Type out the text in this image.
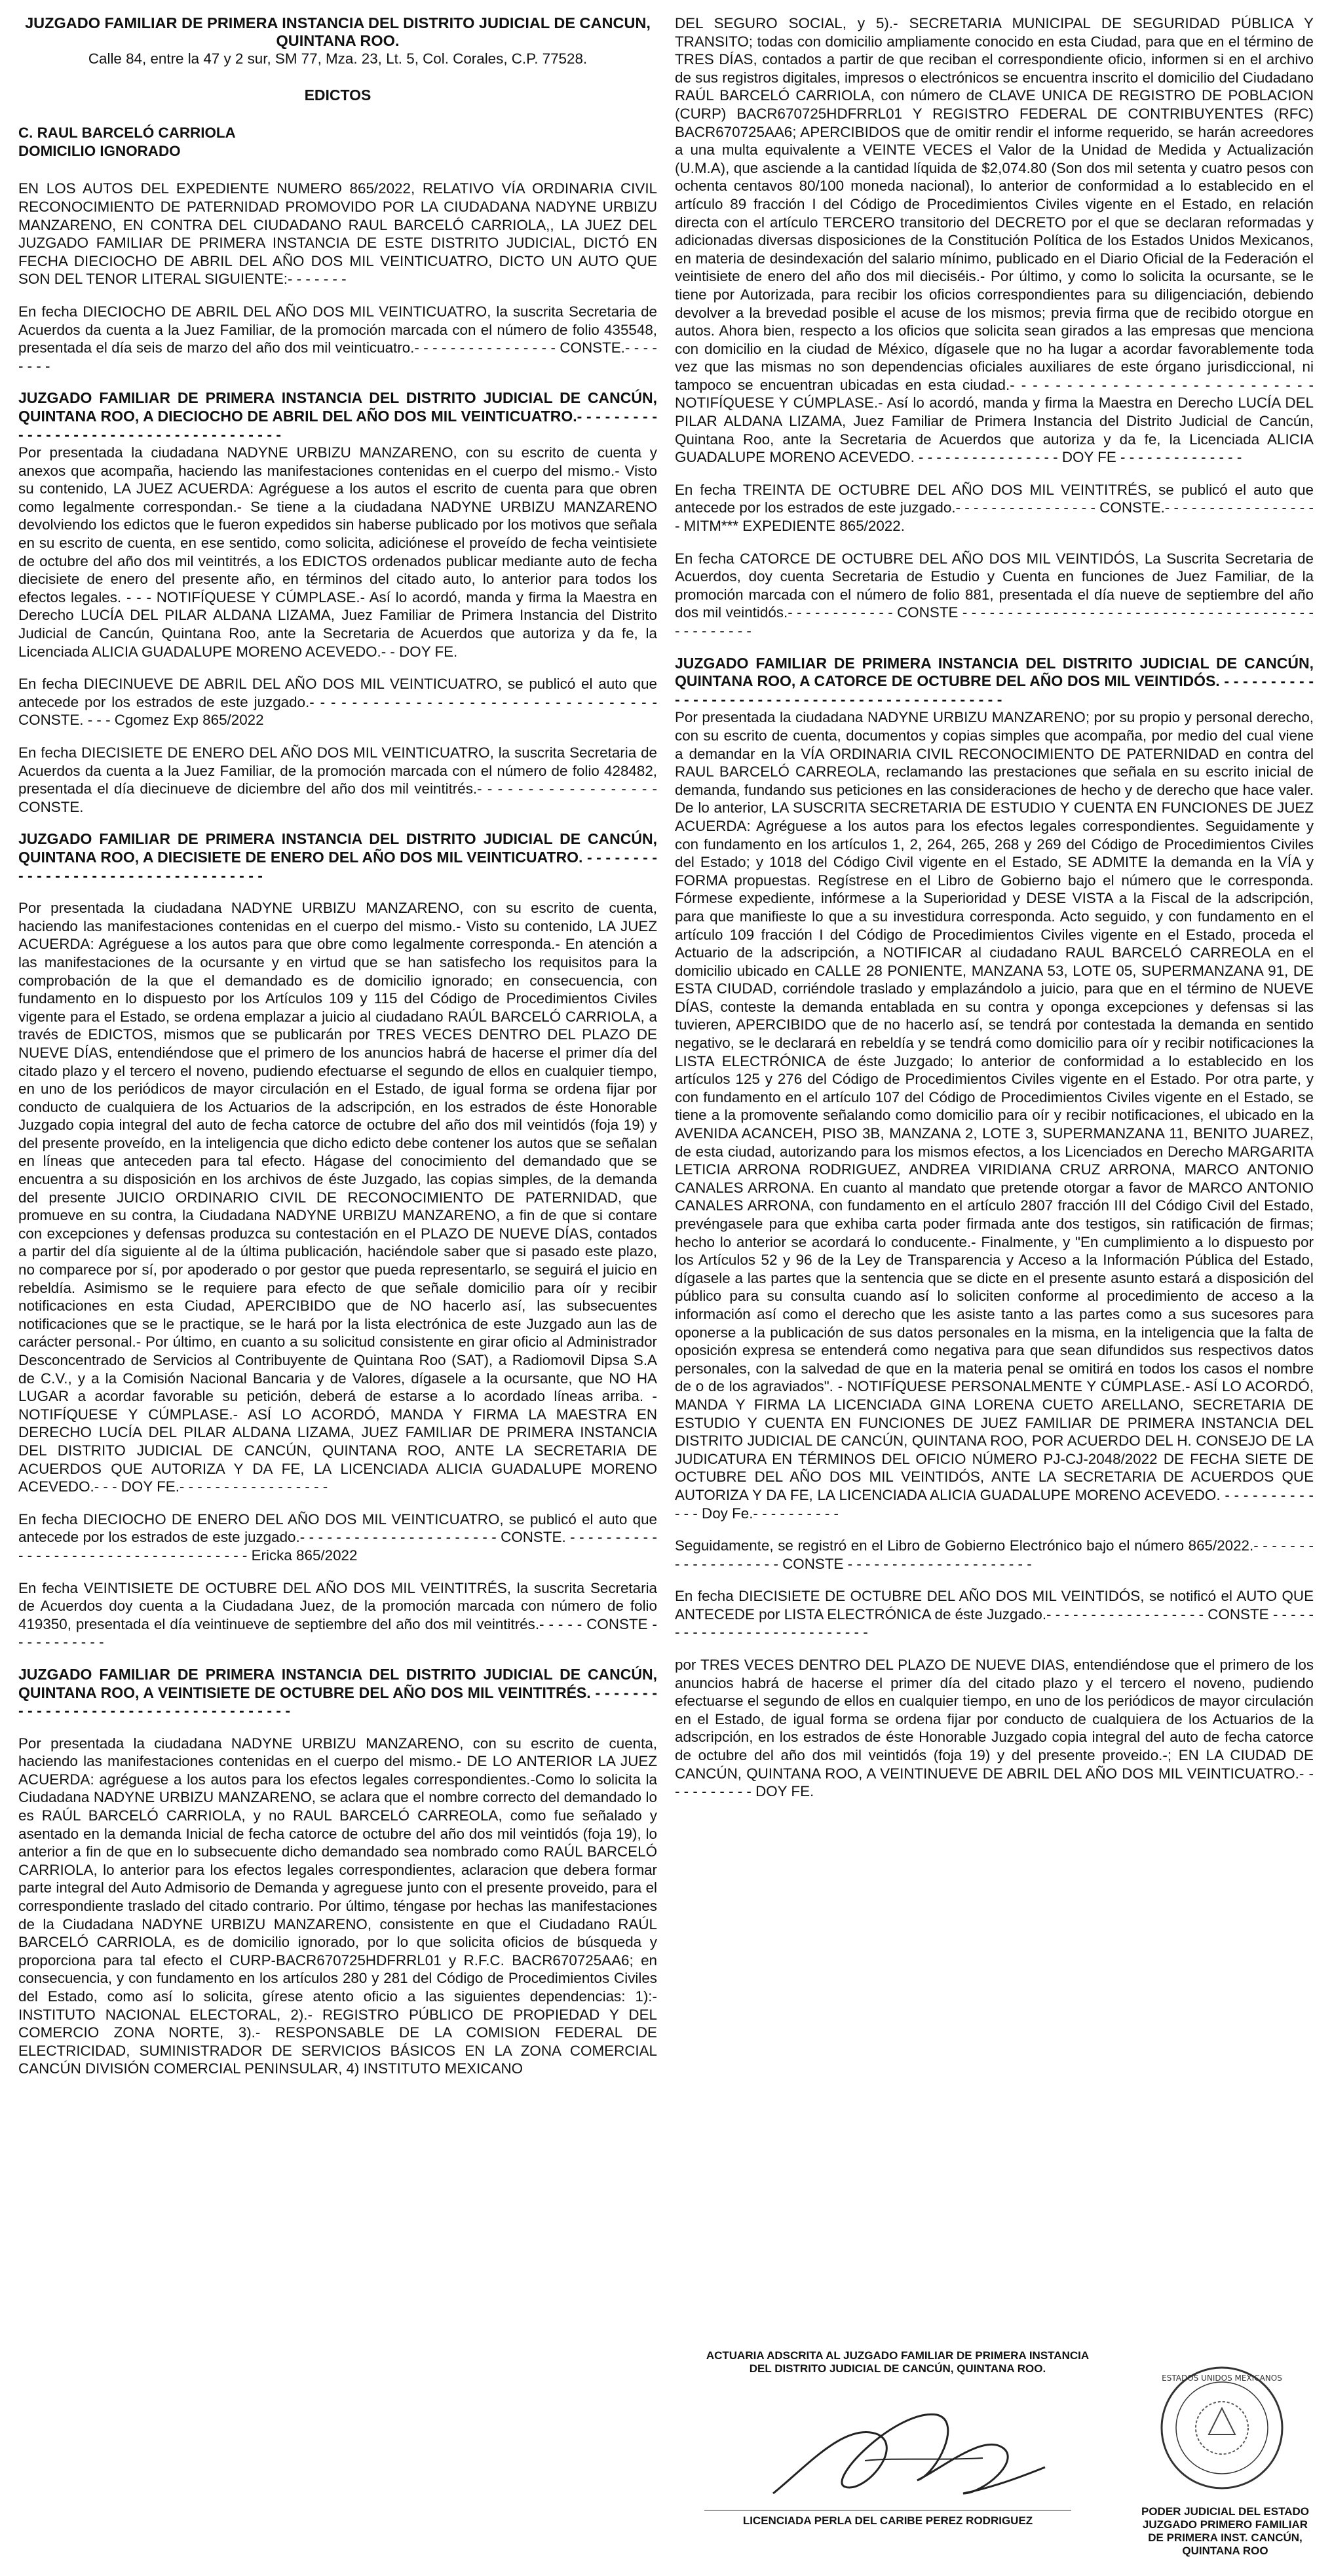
JUZGADO FAMILIAR DE PRIMERA INSTANCIA DEL DISTRITO JUDICIAL DE CANCUN, QUINTANA ROO.
Calle 84, entre la 47 y 2 sur, SM 77, Mza. 23, Lt. 5, Col. Corales, C.P. 77528.
EDICTOS
C. RAUL BARCELÓ CARRIOLA
DOMICILIO IGNORADO

EN LOS AUTOS DEL EXPEDIENTE NUMERO 865/2022, RELATIVO VÍA ORDINARIA CIVIL RECONOCIMIENTO DE PATERNIDAD PROMOVIDO POR LA CIUDADANA NADYNE URBIZU MANZARENO, EN CONTRA DEL CIUDADANO RAUL BARCELÓ CARRIOLA,, LA JUEZ DEL JUZGADO FAMILIAR DE PRIMERA INSTANCIA DE ESTE DISTRITO JUDICIAL, DICTÓ EN FECHA DIECIOCHO DE ABRIL DEL AÑO DOS MIL VEINTICUATRO, DICTO UN AUTO QUE SON DEL TENOR LITERAL SIGUIENTE:- - - - - - -

En fecha DIECIOCHO DE ABRIL DEL AÑO DOS MIL VEINTICUATRO, la suscrita Secretaria de Acuerdos da cuenta a la Juez Familiar, de la promoción marcada con el número de folio 435548, presentada el día seis de marzo del año dos mil veinticuatro.- - - - - - - - - - - - - - - - CONSTE.- - - - - - - -

JUZGADO FAMILIAR DE PRIMERA INSTANCIA DEL DISTRITO JUDICIAL DE CANCÚN, QUINTANA ROO, A DIECIOCHO DE ABRIL DEL AÑO DOS MIL VEINTICUATRO.- - - - - - - - - - - - - - - - - - - - - - - - - - - - - - - - - - - - - -

Por presentada la ciudadana NADYNE URBIZU MANZARENO, con su escrito de cuenta y anexos que acompaña, haciendo las manifestaciones contenidas en el cuerpo del mismo.- Visto su contenido, LA JUEZ ACUERDA: Agréguese a los autos el escrito de cuenta para que obren como legalmente correspondan.- Se tiene a la ciudadana NADYNE URBIZU MANZARENO devolviendo los edictos que le fueron expedidos sin haberse publicado por los motivos que señala en su escrito de cuenta, en ese sentido, como solicita, adiciónese el proveído de fecha veintisiete de octubre del año dos mil veintitrés, a los EDICTOS ordenados publicar mediante auto de fecha diecisiete de enero del presente año, en términos del citado auto, lo anterior para todos los efectos legales. - - - NOTIFÍQUESE Y CÚMPLASE.- Así lo acordó, manda y firma la Maestra en Derecho LUCÍA DEL PILAR ALDANA LIZAMA, Juez Familiar de Primera Instancia del Distrito Judicial de Cancún, Quintana Roo, ante la Secretaria de Acuerdos que autoriza y da fe, la Licenciada ALICIA GUADALUPE MORENO ACEVEDO.- - DOY FE.

En fecha DIECINUEVE DE ABRIL DEL AÑO DOS MIL VEINTICUATRO, se publicó el auto que antecede por los estrados de este juzgado.- - - - - - - - - - - - - - - - - - - - - - - - - - - - - - - - - CONSTE. - - - Cgomez Exp 865/2022

En fecha DIECISIETE DE ENERO DEL AÑO DOS MIL VEINTICUATRO, la suscrita Secretaria de Acuerdos da cuenta a la Juez Familiar, de la promoción marcada con el número de folio 428482, presentada el día diecinueve de diciembre del año dos mil veintitrés.- - - - - - - - - - - - - - - - - - CONSTE.

JUZGADO FAMILIAR DE PRIMERA INSTANCIA DEL DISTRITO JUDICIAL DE CANCÚN, QUINTANA ROO, A DIECISIETE DE ENERO DEL AÑO DOS MIL VEINTICUATRO. - - - - - - - - - - - - - - - - - - - - - - - - - - - - - - - - - - -

Por presentada la ciudadana NADYNE URBIZU MANZARENO, con su escrito de cuenta, haciendo las manifestaciones contenidas en el cuerpo del mismo.- Visto su contenido, LA JUEZ ACUERDA: Agréguese a los autos para que obre como legalmente corresponda.- En atención a las manifestaciones de la ocursante y en virtud que se han satisfecho los requisitos para la comprobación de la que el demandado es de domicilio ignorado; en consecuencia, con fundamento en lo dispuesto por los Artículos 109 y 115 del Código de Procedimientos Civiles vigente para el Estado, se ordena emplazar a juicio al ciudadano RAÚL BARCELÓ CARRIOLA, a través de EDICTOS, mismos que se publicarán por TRES VECES DENTRO DEL PLAZO DE NUEVE DÍAS, entendiéndose que el primero de los anuncios habrá de hacerse el primer día del citado plazo y el tercero el noveno, pudiendo efectuarse el segundo de ellos en cualquier tiempo, en uno de los periódicos de mayor circulación en el Estado, de igual forma se ordena fijar por conducto de cualquiera de los Actuarios de la adscripción, en los estrados de éste Honorable Juzgado copia integral del auto de fecha catorce de octubre del año dos mil veintidós (foja 19) y del presente proveído, en la inteligencia que dicho edicto debe contener los autos que se señalan en líneas que anteceden para tal efecto. Hágase del conocimiento del demandado que se encuentra a su disposición en los archivos de éste Juzgado, las copias simples, de la demanda del presente JUICIO ORDINARIO CIVIL DE RECONOCIMIENTO DE PATERNIDAD, que promueve en su contra, la Ciudadana NADYNE URBIZU MANZARENO, a fin de que si contare con excepciones y defensas produzca su contestación en el PLAZO DE NUEVE DÍAS, contados a partir del día siguiente al de la última publicación, haciéndole saber que si pasado este plazo, no comparece por sí, por apoderado o por gestor que pueda representarlo, se seguirá el juicio en rebeldía. Asimismo se le requiere para efecto de que señale domicilio para oír y recibir notificaciones en esta Ciudad, APERCIBIDO que de NO hacerlo así, las subsecuentes notificaciones que se le practique, se le hará por la lista electrónica de este Juzgado aun las de carácter personal.- Por último, en cuanto a su solicitud consistente en girar oficio al Administrador Desconcentrado de Servicios al Contribuyente de Quintana Roo (SAT), a Radiomovil Dipsa S.A de C.V., y a la Comisión Nacional Bancaria y de Valores, dígasele a la ocursante, que NO HA LUGAR a acordar favorable su petición, deberá de estarse a lo acordado líneas arriba. - NOTIFÍQUESE Y CÚMPLASE.- ASÍ LO ACORDÓ, MANDA Y FIRMA LA MAESTRA EN DERECHO LUCÍA DEL PILAR ALDANA LIZAMA, JUEZ FAMILIAR DE PRIMERA INSTANCIA DEL DISTRITO JUDICIAL DE CANCÚN, QUINTANA ROO, ANTE LA SECRETARIA DE ACUERDOS QUE AUTORIZA Y DA FE, LA LICENCIADA ALICIA GUADALUPE MORENO ACEVEDO.- - - DOY FE.- - - - - - - - - - - - - - - - -

En fecha DIECIOCHO DE ENERO DEL AÑO DOS MIL VEINTICUATRO, se publicó el auto que antecede por los estrados de este juzgado.- - - - - - - - - - - - - - - - - - - - - - CONSTE. - - - - - - - - - - - - - - - - - - - - - - - - - - - - - - - - - - - - Ericka 865/2022

En fecha VEINTISIETE DE OCTUBRE DEL AÑO DOS MIL VEINTITRÉS, la suscrita Secretaria de Acuerdos doy cuenta a la Ciudadana Juez, de la promoción marcada con número de folio 419350, presentada el día veintinueve de septiembre del año dos mil veintitrés.- - - - - CONSTE - - - - - - - - - - -

JUZGADO FAMILIAR DE PRIMERA INSTANCIA DEL DISTRITO JUDICIAL DE CANCÚN, QUINTANA ROO, A VEINTISIETE DE OCTUBRE DEL AÑO DOS MIL VEINTITRÉS. - - - - - - - - - - - - - - - - - - - - - - - - - - - - - - - - - - - - -

Por presentada la ciudadana NADYNE URBIZU MANZARENO, con su escrito de cuenta, haciendo las manifestaciones contenidas en el cuerpo del mismo.- DE LO ANTERIOR LA JUEZ ACUERDA: agréguese a los autos para los efectos legales correspondientes.-Como lo solicita la Ciudadana NADYNE URBIZU MANZARENO, se aclara que el nombre correcto del demandado lo es RAÚL BARCELÓ CARRIOLA, y no RAUL BARCELÓ CARREOLA, como fue señalado y asentado en la demanda Inicial de fecha catorce de octubre del año dos mil veintidós (foja 19), lo anterior a fin de que en lo subsecuente dicho demandado sea nombrado como RAÚL BARCELÓ CARRIOLA, lo anterior para los efectos legales correspondientes, aclaracion que debera formar parte integral del Auto Admisorio de Demanda y agreguese junto con el presente proveido, para el correspondiente traslado del citado contrario. Por último, téngase por hechas las manifestaciones de la Ciudadana NADYNE URBIZU MANZARENO, consistente en que el Ciudadano RAÚL BARCELÓ CARRIOLA, es de domicilio ignorado, por lo que solicita oficios de búsqueda y proporciona para tal efecto el CURP-BACR670725HDFRRL01 y R.F.C. BACR670725AA6; en consecuencia, y con fundamento en los artículos 280 y 281 del Código de Procedimientos Civiles del Estado, como así lo solicita, gírese atento oficio a las siguientes dependencias: 1):-INSTITUTO NACIONAL ELECTORAL, 2).- REGISTRO PÚBLICO DE PROPIEDAD Y DEL COMERCIO ZONA NORTE, 3).- RESPONSABLE DE LA COMISION FEDERAL DE ELECTRICIDAD, SUMINISTRADOR DE SERVICIOS BÁSICOS EN LA ZONA COMERCIAL CANCÚN DIVISIÓN COMERCIAL PENINSULAR, 4) INSTITUTO MEXICANO

DEL SEGURO SOCIAL, y 5).- SECRETARIA MUNICIPAL DE SEGURIDAD PÚBLICA Y TRANSITO; todas con domicilio ampliamente conocido en esta Ciudad, para que en el término de TRES DÍAS, contados a partir de que reciban el correspondiente oficio, informen si en el archivo de sus registros digitales, impresos o electrónicos se encuentra inscrito el domicilio del Ciudadano RAÚL BARCELÓ CARRIOLA, con número de CLAVE UNICA DE REGISTRO DE POBLACION (CURP) BACR670725HDFRRL01 Y REGISTRO FEDERAL DE CONTRIBUYENTES (RFC) BACR670725AA6; APERCIBIDOS que de omitir rendir el informe requerido, se harán acreedores a una multa equivalente a VEINTE VECES el Valor de la Unidad de Medida y Actualización (U.M.A), que asciende a la cantidad líquida de $2,074.80 (Son dos mil setenta y cuatro pesos con ochenta centavos 80/100 moneda nacional), lo anterior de conformidad a lo establecido en el artículo 89 fracción I del Código de Procedimientos Civiles vigente en el Estado, en relación directa con el artículo TERCERO transitorio del DECRETO por el que se declaran reformadas y adicionadas diversas disposiciones de la Constitución Política de los Estados Unidos Mexicanos, en materia de desindexación del salario mínimo, publicado en el Diario Oficial de la Federación el veintisiete de enero del año dos mil dieciséis.- Por último, y como lo solicita la ocursante, se le tiene por Autorizada, para recibir los oficios correspondientes para su diligenciación, debiendo devolver a la brevedad posible el acuse de los mismos; previa firma que de recibido otorgue en autos. Ahora bien, respecto a los oficios que solicita sean girados a las empresas que menciona con domicilio en la ciudad de México, dígasele que no ha lugar a acordar favorablemente toda vez que las mismas no son dependencias oficiales auxiliares de este órgano jurisdiccional, ni tampoco se encuentran ubicadas en esta ciudad.- - - - - - - - - - - - - - - - - - - - - - - - - - - NOTIFÍQUESE Y CÚMPLASE.- Así lo acordó, manda y firma la Maestra en Derecho LUCÍA DEL PILAR ALDANA LIZAMA, Juez Familiar de Primera Instancia del Distrito Judicial de Cancún, Quintana Roo, ante la Secretaria de Acuerdos que autoriza y da fe, la Licenciada ALICIA GUADALUPE MORENO ACEVEDO. - - - - - - - - - - - - - - - - DOY FE - - - - - - - - - - - - - -

En fecha TREINTA DE OCTUBRE DEL AÑO DOS MIL VEINTITRÉS, se publicó el auto que antecede por los estrados de este juzgado.- - - - - - - - - - - - - - - - CONSTE.- - - - - - - - - - - - - - - - - - MITM*** EXPEDIENTE 865/2022.

En fecha CATORCE DE OCTUBRE DEL AÑO DOS MIL VEINTIDÓS, La Suscrita Secretaria de Acuerdos, doy cuenta Secretaria de Estudio y Cuenta en funciones de Juez Familiar, de la promoción marcada con el número de folio 881, presentada el día nueve de septiembre del año dos mil veintidós.- - - - - - - - - - - - CONSTE - - - - - - - - - - - - - - - - - - - - - - - - - - - - - - - - - - - - - - - - - - - - - - - -

JUZGADO FAMILIAR DE PRIMERA INSTANCIA DEL DISTRITO JUDICIAL DE CANCÚN, QUINTANA ROO, A CATORCE DE OCTUBRE DEL AÑO DOS MIL VEINTIDÓS. - - - - - - - - - - - - - - - - - - - - - - - - - - - - - - - - - - - - - - - - - - - - - -

Por presentada la ciudadana NADYNE URBIZU MANZARENO; por su propio y personal derecho, con su escrito de cuenta, documentos y copias simples que acompaña, por medio del cual viene a demandar en la VÍA ORDINARIA CIVIL RECONOCIMIENTO DE PATERNIDAD en contra del RAUL BARCELÓ CARREOLA, reclamando las prestaciones que señala en su escrito inicial de demanda, fundando sus peticiones en las consideraciones de hecho y de derecho que hace valer. De lo anterior, LA SUSCRITA SECRETARIA DE ESTUDIO Y CUENTA EN FUNCIONES DE JUEZ ACUERDA: Agréguese a los autos para los efectos legales correspondientes. Seguidamente y con fundamento en los artículos 1, 2, 264, 265, 268 y 269 del Código de Procedimientos Civiles del Estado; y 1018 del Código Civil vigente en el Estado, SE ADMITE la demanda en la VÍA y FORMA propuestas. Regístrese en el Libro de Gobierno bajo el número que le corresponda. Fórmese expediente, infórmese a la Superioridad y DESE VISTA a la Fiscal de la adscripción, para que manifieste lo que a su investidura corresponda. Acto seguido, y con fundamento en el artículo 109 fracción I del Código de Procedimientos Civiles vigente en el Estado, proceda el Actuario de la adscripción, a NOTIFICAR al ciudadano RAUL BARCELÓ CARREOLA en el domicilio ubicado en CALLE 28 PONIENTE, MANZANA 53, LOTE 05, SUPERMANZANA 91, DE ESTA CIUDAD, corriéndole traslado y emplazándolo a juicio, para que en el término de NUEVE DÍAS, conteste la demanda entablada en su contra y oponga excepciones y defensas si las tuvieren, APERCIBIDO que de no hacerlo así, se tendrá por contestada la demanda en sentido negativo, se le declarará en rebeldía y se tendrá como domicilio para oír y recibir notificaciones la LISTA ELECTRÓNICA de éste Juzgado; lo anterior de conformidad a lo establecido en los artículos 125 y 276 del Código de Procedimientos Civiles vigente en el Estado. Por otra parte, y con fundamento en el artículo 107 del Código de Procedimientos Civiles vigente en el Estado, se tiene a la promovente señalando como domicilio para oír y recibir notificaciones, el ubicado en la AVENIDA ACANCEH, PISO 3B, MANZANA 2, LOTE 3, SUPERMANZANA 11, BENITO JUAREZ, de esta ciudad, autorizando para los mismos efectos, a los Licenciados en Derecho MARGARITA LETICIA ARRONA RODRIGUEZ, ANDREA VIRIDIANA CRUZ ARRONA, MARCO ANTONIO CANALES ARRONA. En cuanto al mandato que pretende otorgar a favor de MARCO ANTONIO CANALES ARRONA, con fundamento en el artículo 2807 fracción III del Código Civil del Estado, prevéngasele para que exhiba carta poder firmada ante dos testigos, sin ratificación de firmas; hecho lo anterior se acordará lo conducente.- Finalmente, y "En cumplimiento a lo dispuesto por los Artículos 52 y 96 de la Ley de Transparencia y Acceso a la Información Pública del Estado, dígasele a las partes que la sentencia que se dicte en el presente asunto estará a disposición del público para su consulta cuando así lo soliciten conforme al procedimiento de acceso a la información así como el derecho que les asiste tanto a las partes como a sus sucesores para oponerse a la publicación de sus datos personales en la misma, en la inteligencia que la falta de oposición expresa se entenderá como negativa para que sean difundidos sus respectivos datos personales, con la salvedad de que en la materia penal se omitirá en todos los casos el nombre de o de los agraviados". - NOTIFÍQUESE PERSONALMENTE Y CÚMPLASE.- ASÍ LO ACORDÓ, MANDA Y FIRMA LA LICENCIADA GINA LORENA CUETO ARELLANO, SECRETARIA DE ESTUDIO Y CUENTA EN FUNCIONES DE JUEZ FAMILIAR DE PRIMERA INSTANCIA DEL DISTRITO JUDICIAL DE CANCÚN, QUINTANA ROO, POR ACUERDO DEL H. CONSEJO DE LA JUDICATURA EN TÉRMINOS DEL OFICIO NÚMERO PJ-CJ-2048/2022 DE FECHA SIETE DE OCTUBRE DEL AÑO DOS MIL VEINTIDÓS, ANTE LA SECRETARIA DE ACUERDOS QUE AUTORIZA Y DA FE, LA LICENCIADA ALICIA GUADALUPE MORENO ACEVEDO. - - - - - - - - - - - - - Doy Fe.- - - - - - - - - -

Seguidamente, se registró en el Libro de Gobierno Electrónico bajo el número 865/2022.- - - - - - - - - - - - - - - - - - - CONSTE - - - - - - - - - - - - - - - - - - - - -

En fecha DIECISIETE DE OCTUBRE DEL AÑO DOS MIL VEINTIDÓS, se notificó el AUTO QUE ANTECEDE por LISTA ELECTRÓNICA de éste Juzgado.- - - - - - - - - - - - - - - - - - CONSTE - - - - - - - - - - - - - - - - - - - - - - - - - - -

por TRES VECES DENTRO DEL PLAZO DE NUEVE DIAS, entendiéndose que el primero de los anuncios habrá de hacerse el primer día del citado plazo y el tercero el noveno, pudiendo efectuarse el segundo de ellos en cualquier tiempo, en uno de los periódicos de mayor circulación en el Estado, de igual forma se ordena fijar por conducto de cualquiera de los Actuarios de la adscripción, en los estrados de éste Honorable Juzgado copia integral del auto de fecha catorce de octubre del año dos mil veintidós (foja 19) y del presente proveido.-; EN LA CIUDAD DE CANCÚN, QUINTANA ROO, A VEINTINUEVE DE ABRIL DEL AÑO DOS MIL VEINTICUATRO.- - - - - - - - - - - DOY FE.

ACTUARIA ADSCRITA AL JUZGADO FAMILIAR DE PRIMERA INSTANCIA DEL DISTRITO JUDICIAL DE CANCÚN, QUINTANA ROO.
LICENCIADA PERLA DEL CARIBE PEREZ RODRIGUEZ
ESTADOS UNIDOS MEXICANOS
PODER JUDICIAL DEL ESTADO JUZGADO PRIMERO FAMILIAR DE PRIMERA INST. CANCÚN, QUINTANA ROO
